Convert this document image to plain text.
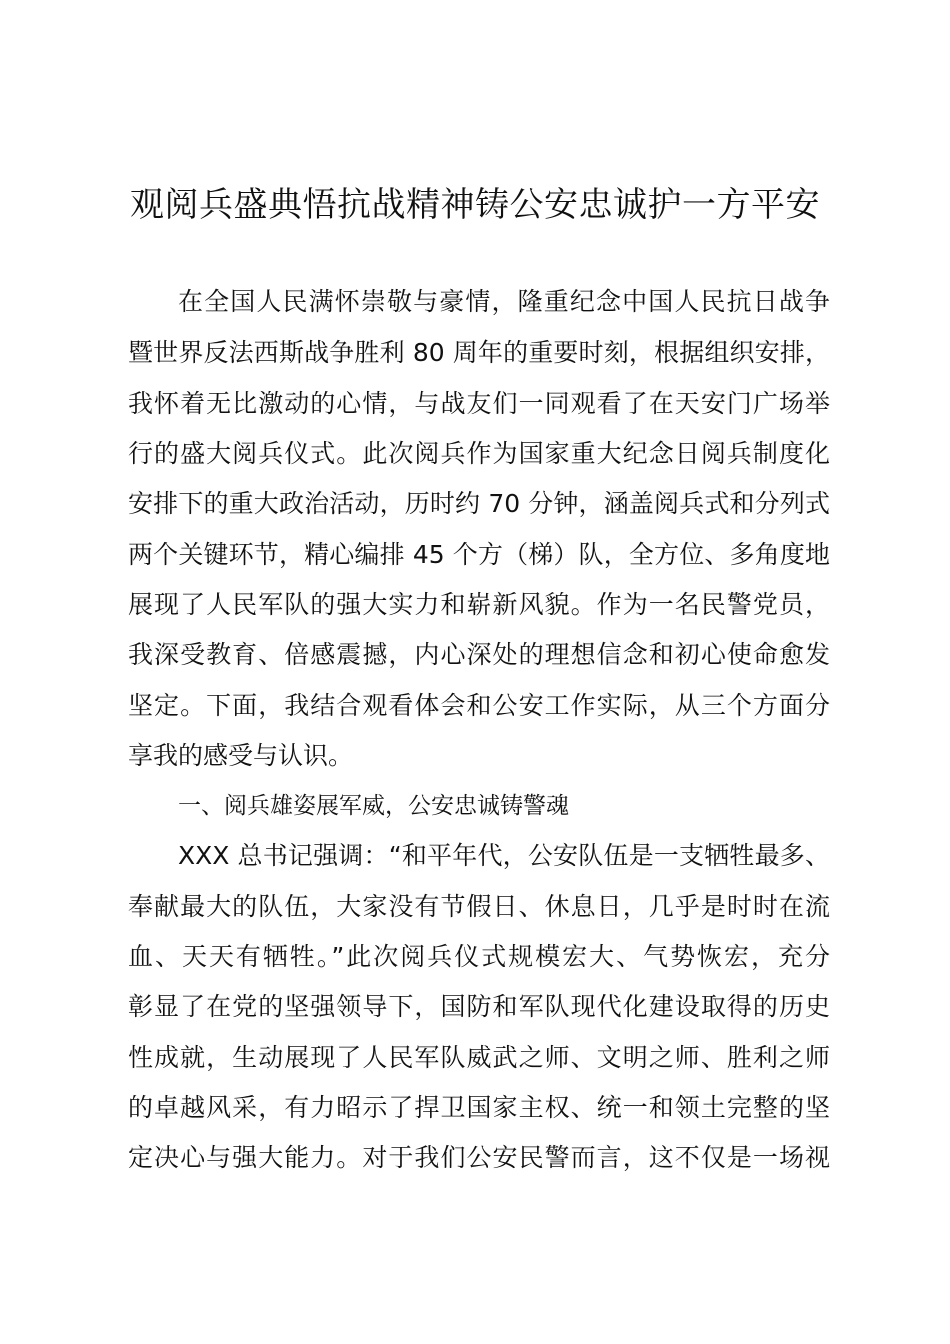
观阅兵盛典悟抗战精神铸公安忠诚护一方平安
在全国人民满怀崇敬与豪情，隆重纪念中国人民抗日战争
暨世界反法西斯战争胜利 80 周年的重要时刻，根据组织安排，
我怀着无比激动的心情，与战友们一同观看了在天安门广场举
行的盛大阅兵仪式。此次阅兵作为国家重大纪念日阅兵制度化
安排下的重大政治活动，历时约 70 分钟，涵盖阅兵式和分列式
两个关键环节，精心编排 45 个方（梯）队，全方位、多角度地
展现了人民军队的强大实力和崭新风貌。作为一名民警党员，
我深受教育、倍感震撼，内心深处的理想信念和初心使命愈发
坚定。下面，我结合观看体会和公安工作实际，从三个方面分
享我的感受与认识。
一、阅兵雄姿展军威，公安忠诚铸警魂
XXX 总书记强调：“和平年代，公安队伍是一支牺牲最多、
奉献最大的队伍，大家没有节假日、休息日，几乎是时时在流
血、天天有牺牲。”此次阅兵仪式规模宏大、气势恢宏，充分
彰显了在党的坚强领导下，国防和军队现代化建设取得的历史
性成就，生动展现了人民军队威武之师、文明之师、胜利之师
的卓越风采，有力昭示了捍卫国家主权、统一和领土完整的坚
定决心与强大能力。对于我们公安民警而言，这不仅是一场视
